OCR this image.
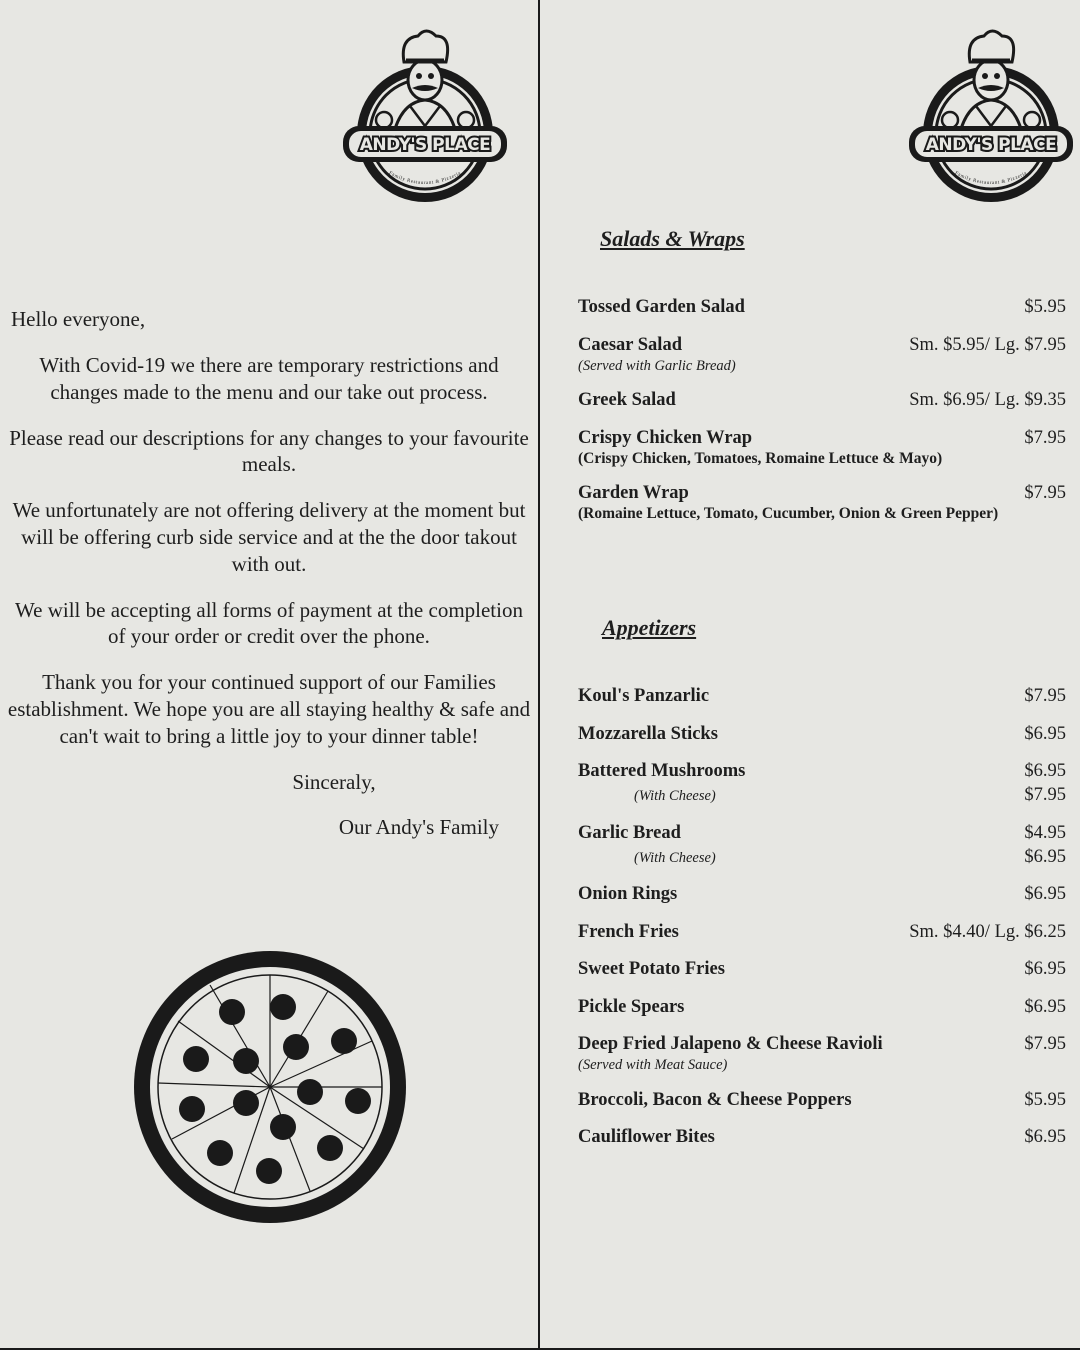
ANDY'S PLACE
Family Restaurant & Pizzeria
ANDY'S PLACE
Family Restaurant & Pizzeria

Hello everyone,

With Covid-19 we there are temporary restrictions and changes made to the menu and our take out process.

Please read our descriptions for any changes to your favourite meals.

We unfortunately are not offering delivery at the moment but will be offering curb side service and at the the door takout with out.

We will be accepting all forms of payment at the completion of your order or credit over the phone.

Thank you for your continued support of our Families establishment. We hope you are all staying healthy & safe and can't wait to bring a little joy to your dinner table!

Sinceraly,

Our Andy's Family

Salads & Wraps
Tossed Garden Salad	$5.95
Caesar Salad	Sm. $5.95/ Lg. $7.95
(Served with Garlic Bread)
Greek Salad	Sm. $6.95/ Lg. $9.35
Crispy Chicken Wrap	$7.95
(Crispy Chicken, Tomatoes, Romaine Lettuce & Mayo)
Garden Wrap	$7.95
(Romaine Lettuce, Tomato, Cucumber, Onion & Green Pepper)
Appetizers
Koul's Panzarlic	$7.95
Mozzarella Sticks	$6.95
Battered Mushrooms	$6.95
(With Cheese)	$7.95
Garlic Bread	$4.95
(With Cheese)	$6.95
Onion Rings	$6.95
French Fries	Sm. $4.40/ Lg. $6.25
Sweet Potato Fries	$6.95
Pickle Spears	$6.95
Deep Fried Jalapeno & Cheese Ravioli	$7.95
(Served with Meat Sauce)
Broccoli, Bacon & Cheese Poppers	$5.95
Cauliflower Bites	$6.95
